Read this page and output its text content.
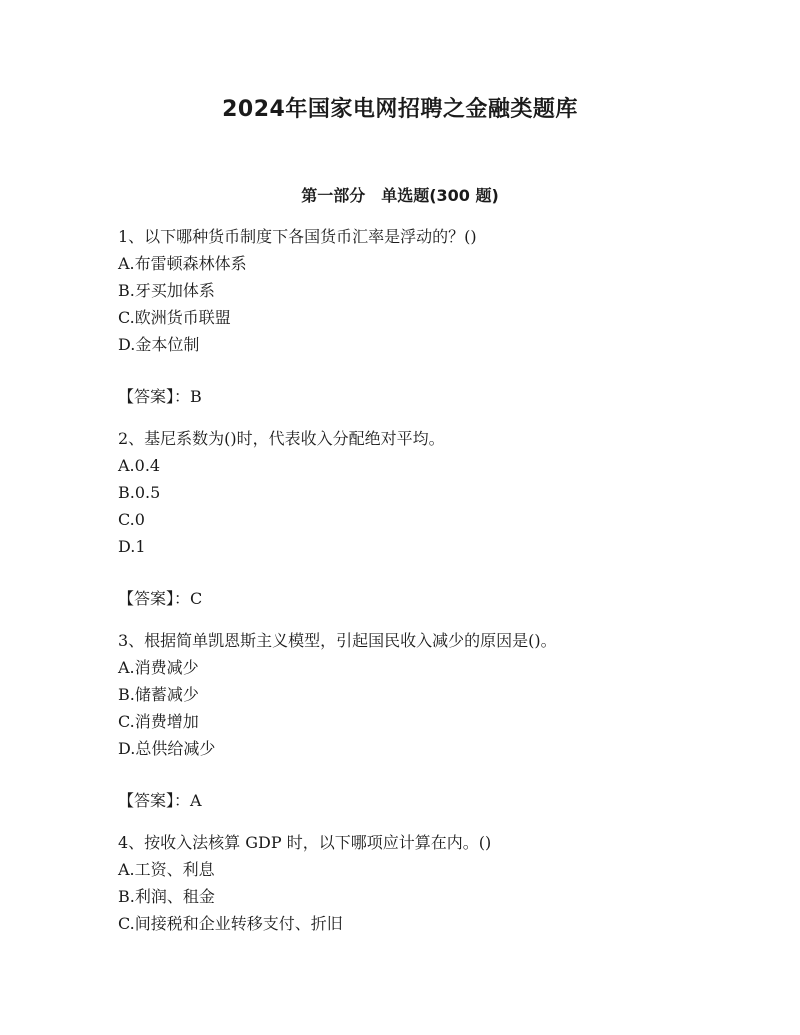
2024年国家电网招聘之金融类题库
第一部分　单选题(300 题)
1、以下哪种货币制度下各国货币汇率是浮动的？()
A.布雷顿森林体系
B.牙买加体系
C.欧洲货币联盟
D.金本位制
【答案】：B
2、基尼系数为()时，代表收入分配绝对平均。
A.0.4
B.0.5
C.0
D.1
【答案】：C
3、根据简单凯恩斯主义模型，引起国民收入减少的原因是()。
A.消费减少
B.储蓄减少
C.消费增加
D.总供给减少
【答案】：A
4、按收入法核算 GDP 时，以下哪项应计算在内。()
A.工资、利息
B.利润、租金
C.间接税和企业转移支付、折旧
